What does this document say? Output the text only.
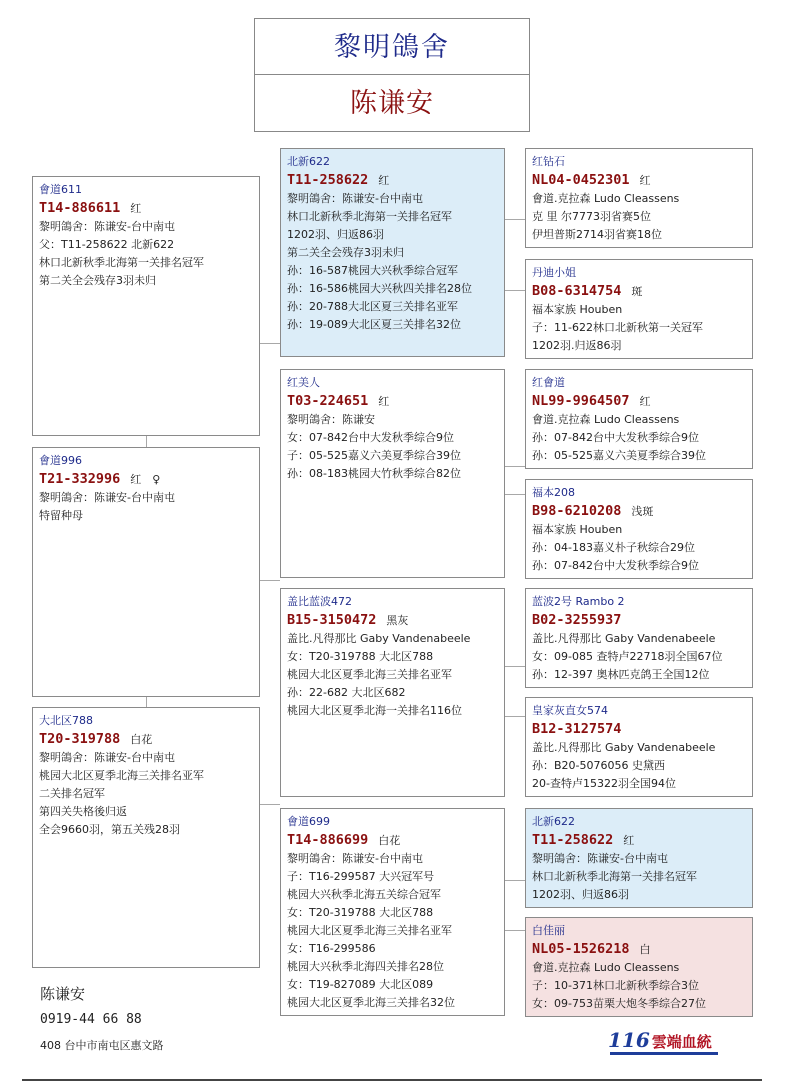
黎明鴿舍
陈谦安
會道611
T14-886611 红
黎明鴿舍：陈谦安-台中南屯
父：T11-258622 北新622
林口北新秋季北海第一关排名冠军
第二关全会残存3羽未归
會道996
T21-332996 红　♀
黎明鴿舍：陈谦安-台中南屯
特留种母
大北区788
T20-319788 白花
黎明鴿舍：陈谦安-台中南屯
桃园大北区夏季北海三关排名亚军
二关排名冠军
第四关失格後归返
全会9660羽，第五关残28羽
北新622
T11-258622 红
黎明鴿舍：陈谦安-台中南屯
林口北新秋季北海第一关排名冠军
1202羽、归返86羽
第二关全会残存3羽未归
孙：16-587桃园大兴秋季综合冠军
孙：16-586桃园大兴秋四关排名28位
孙：20-788大北区夏三关排名亚军
孙：19-089大北区夏三关排名32位
红美人
T03-224651 红
黎明鴿舍：陈谦安
女：07-842台中大发秋季综合9位
子：05-525嘉义六美夏季综合39位
孙：08-183桃园大竹秋季综合82位
盖比蓝波472
B15-3150472 黑灰
盖比.凡得那比 Gaby Vandenabeele
女：T20-319788 大北区788
桃园大北区夏季北海三关排名亚军
孙：22-682 大北区682
桃园大北区夏季北海一关排名116位
會道699
T14-886699 白花
黎明鴿舍：陈谦安-台中南屯
子：T16-299587 大兴冠军号
桃园大兴秋季北海五关综合冠军
女：T20-319788 大北区788
桃园大北区夏季北海三关排名亚军
女：T16-299586
桃园大兴秋季北海四关排名28位
女：T19-827089 大北区089
桃园大北区夏季北海三关排名32位
红钻石
NL04-0452301 红
會道.克拉森 Ludo Cleassens
克 里 尔7773羽省赛5位
伊坦普斯2714羽省赛18位
丹迪小姐
B08-6314754 斑
福本家族 Houben
子：11-622林口北新秋第一关冠军
1202羽.归返86羽
红會道
NL99-9964507 红
會道.克拉森 Ludo Cleassens
孙：07-842台中大发秋季综合9位
孙：05-525嘉义六美夏季综合39位
福本208
B98-6210208 浅斑
福本家族 Houben
孙：04-183嘉义朴子秋综合29位
孙：07-842台中大发秋季综合9位
蓝波2号 Rambo 2
B02-3255937
盖比.凡得那比 Gaby Vandenabeele
女：09-085 查特卢22718羽全国67位
孙：12-397 奥林匹克鸽王全国12位
皇家灰直女574
B12-3127574
盖比.凡得那比 Gaby Vandenabeele
孙：B20-5076056 史黛西
20-查特卢15322羽全国94位
北新622
T11-258622 红
黎明鴿舍：陈谦安-台中南屯
林口北新秋季北海第一关排名冠军
1202羽、归返86羽
白佳丽
NL05-1526218 白
會道.克拉森 Ludo Cleassens
子：10-371林口北新秋季综合3位
女：09-753苗栗大炮冬季综合27位
陈谦安
0919-44 66 88
408 台中市南屯区惠文路	116 雲端血統
